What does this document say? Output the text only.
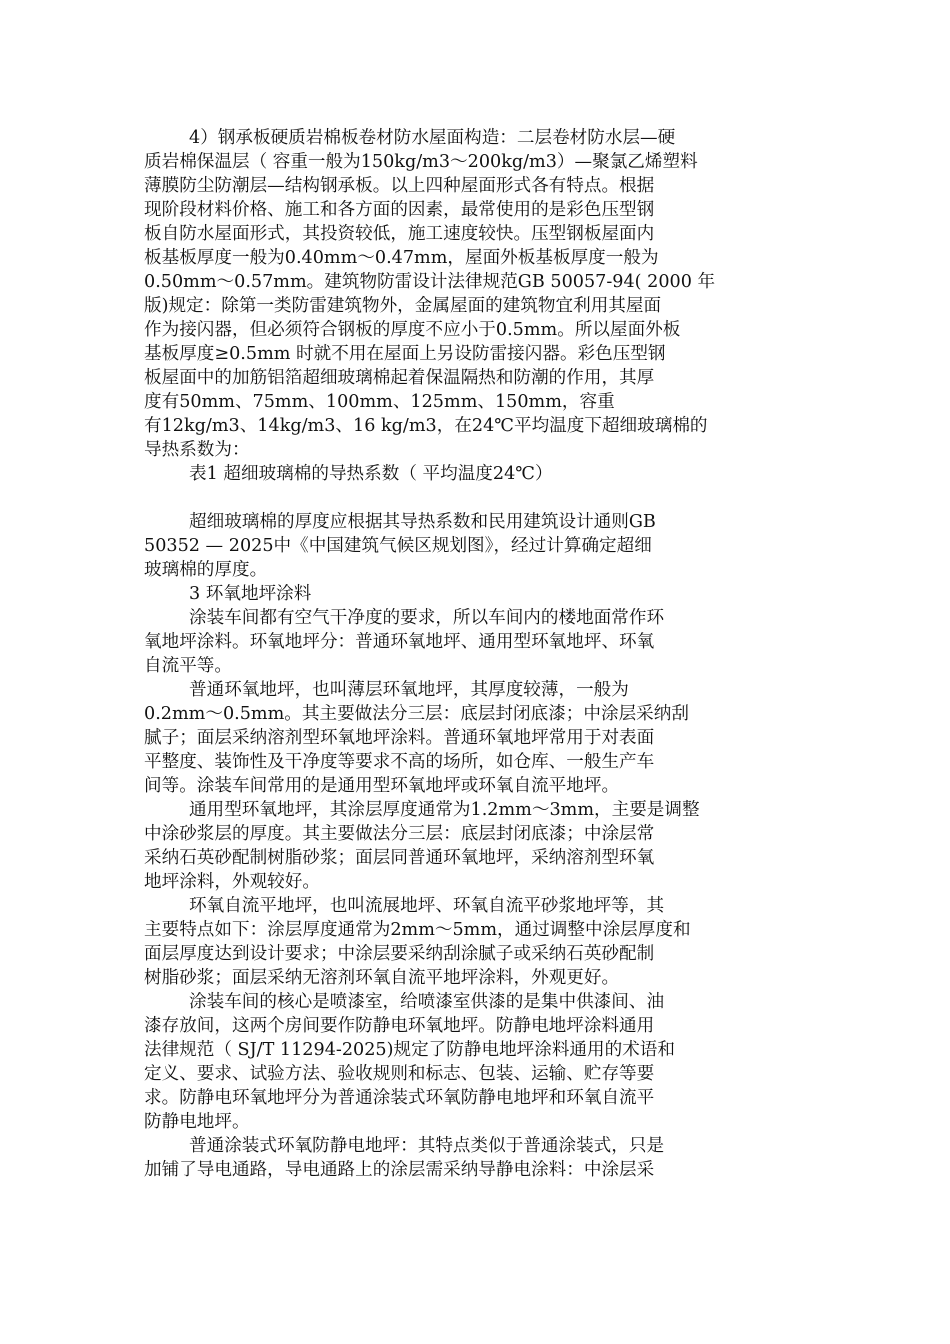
4）钢承板硬质岩棉板卷材防水屋面构造：二层卷材防水层—硬
质岩棉保温层（ 容重一般为150kg/m3～200kg/m3）—聚氯乙烯塑料
薄膜防尘防潮层—结构钢承板。以上四种屋面形式各有特点。根据
现阶段材料价格、施工和各方面的因素，最常使用的是彩色压型钢
板自防水屋面形式，其投资较低，施工速度较快。压型钢板屋面内
板基板厚度一般为0.40mm～0.47mm，屋面外板基板厚度一般为
0.50mm～0.57mm。建筑物防雷设计法律规范GB 50057-94( 2000 年
版)规定：除第一类防雷建筑物外，金属屋面的建筑物宜利用其屋面
作为接闪器，但必须符合钢板的厚度不应小于0.5mm。所以屋面外板
基板厚度≥0.5mm 时就不用在屋面上另设防雷接闪器。彩色压型钢
板屋面中的加筋铝箔超细玻璃棉起着保温隔热和防潮的作用，其厚
度有50mm、75mm、100mm、125mm、150mm，容重
有12kg/m3、14kg/m3、16 kg/m3，在24℃平均温度下超细玻璃棉的
导热系数为：
表1 超细玻璃棉的导热系数（ 平均温度24℃）
超细玻璃棉的厚度应根据其导热系数和民用建筑设计通则GB
50352 — 2025中《中国建筑气候区规划图》，经过计算确定超细
玻璃棉的厚度。
3 环氧地坪涂料
涂装车间都有空气干净度的要求，所以车间内的楼地面常作环
氧地坪涂料。环氧地坪分：普通环氧地坪、通用型环氧地坪、环氧
自流平等。
普通环氧地坪，也叫薄层环氧地坪，其厚度较薄，一般为
0.2mm～0.5mm。其主要做法分三层：底层封闭底漆；中涂层采纳刮
腻子；面层采纳溶剂型环氧地坪涂料。普通环氧地坪常用于对表面
平整度、装饰性及干净度等要求不高的场所，如仓库、一般生产车
间等。涂装车间常用的是通用型环氧地坪或环氧自流平地坪。
通用型环氧地坪，其涂层厚度通常为1.2mm～3mm，主要是调整
中涂砂浆层的厚度。其主要做法分三层：底层封闭底漆；中涂层常
采纳石英砂配制树脂砂浆；面层同普通环氧地坪，采纳溶剂型环氧
地坪涂料，外观较好。
环氧自流平地坪，也叫流展地坪、环氧自流平砂浆地坪等，其
主要特点如下：涂层厚度通常为2mm～5mm，通过调整中涂层厚度和
面层厚度达到设计要求；中涂层要采纳刮涂腻子或采纳石英砂配制
树脂砂浆；面层采纳无溶剂环氧自流平地坪涂料，外观更好。
涂装车间的核心是喷漆室，给喷漆室供漆的是集中供漆间、油
漆存放间，这两个房间要作防静电环氧地坪。防静电地坪涂料通用
法律规范（ SJ/T 11294-2025)规定了防静电地坪涂料通用的术语和
定义、要求、试验方法、验收规则和标志、包装、运输、贮存等要
求。防静电环氧地坪分为普通涂装式环氧防静电地坪和环氧自流平
防静电地坪。
普通涂装式环氧防静电地坪：其特点类似于普通涂装式，只是
加铺了导电通路，导电通路上的涂层需采纳导静电涂料：中涂层采
